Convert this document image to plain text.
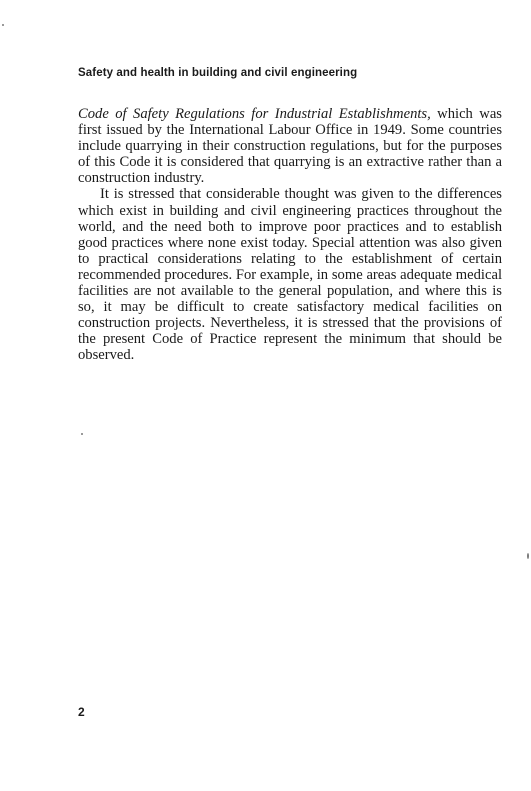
Safety and health in building and civil engineering

Code of Safety Regulations for Industrial Establishments, which was first issued by the International Labour Office in 1949. Some countries include quarrying in their construction regulations, but for the purposes of this Code it is considered that quarrying is an extractive rather than a construction industry.

It is stressed that considerable thought was given to the differences which exist in building and civil engineering practices throughout the world, and the need both to improve poor practices and to establish good practices where none exist today. Special attention was also given to practical considerations relating to the establishment of certain recommended procedures. For example, in some areas adequate medical facilities are not available to the general population, and where this is so, it may be difficult to create satisfactory medical facilities on construction projects. Nevertheless, it is stressed that the provisions of the present Code of Practice represent the minimum that should be observed.

2
